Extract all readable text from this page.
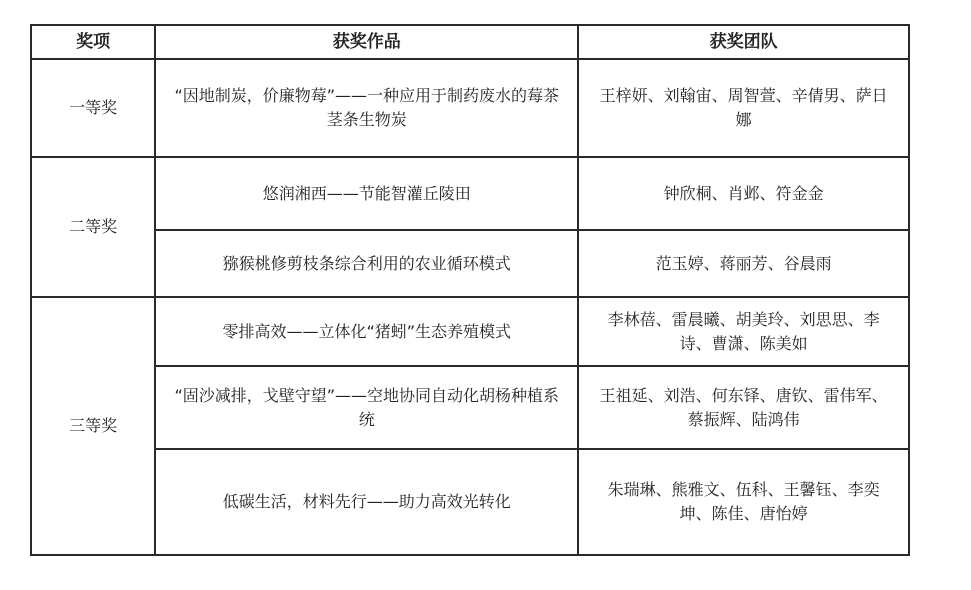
奖项	获奖作品	获奖团队
一等奖	“因地制炭，价廉物莓”——一种应用于制药废水的莓茶茎条生物炭	王梓妍、刘翰宙、周智萱、辛倩男、萨日娜
二等奖	悠润湘西——节能智灌丘陵田	钟欣桐、肖邺、符金金
	猕猴桃修剪枝条综合利用的农业循环模式	范玉婷、蒋丽芳、谷晨雨
三等奖	零排高效——立体化“猪蚓”生态养殖模式	李林蓓、雷晨曦、胡美玲、刘思思、李诗、曹潇、陈美如
	“固沙减排，戈壁守望”——空地协同自动化胡杨种植系统	王祖延、刘浩、何东铎、唐钦、雷伟军、蔡振辉、陆鸿伟
	低碳生活，材料先行——助力高效光转化	朱瑞琳、熊雅文、伍科、王馨钰、李奕坤、陈佳、唐怡婷
